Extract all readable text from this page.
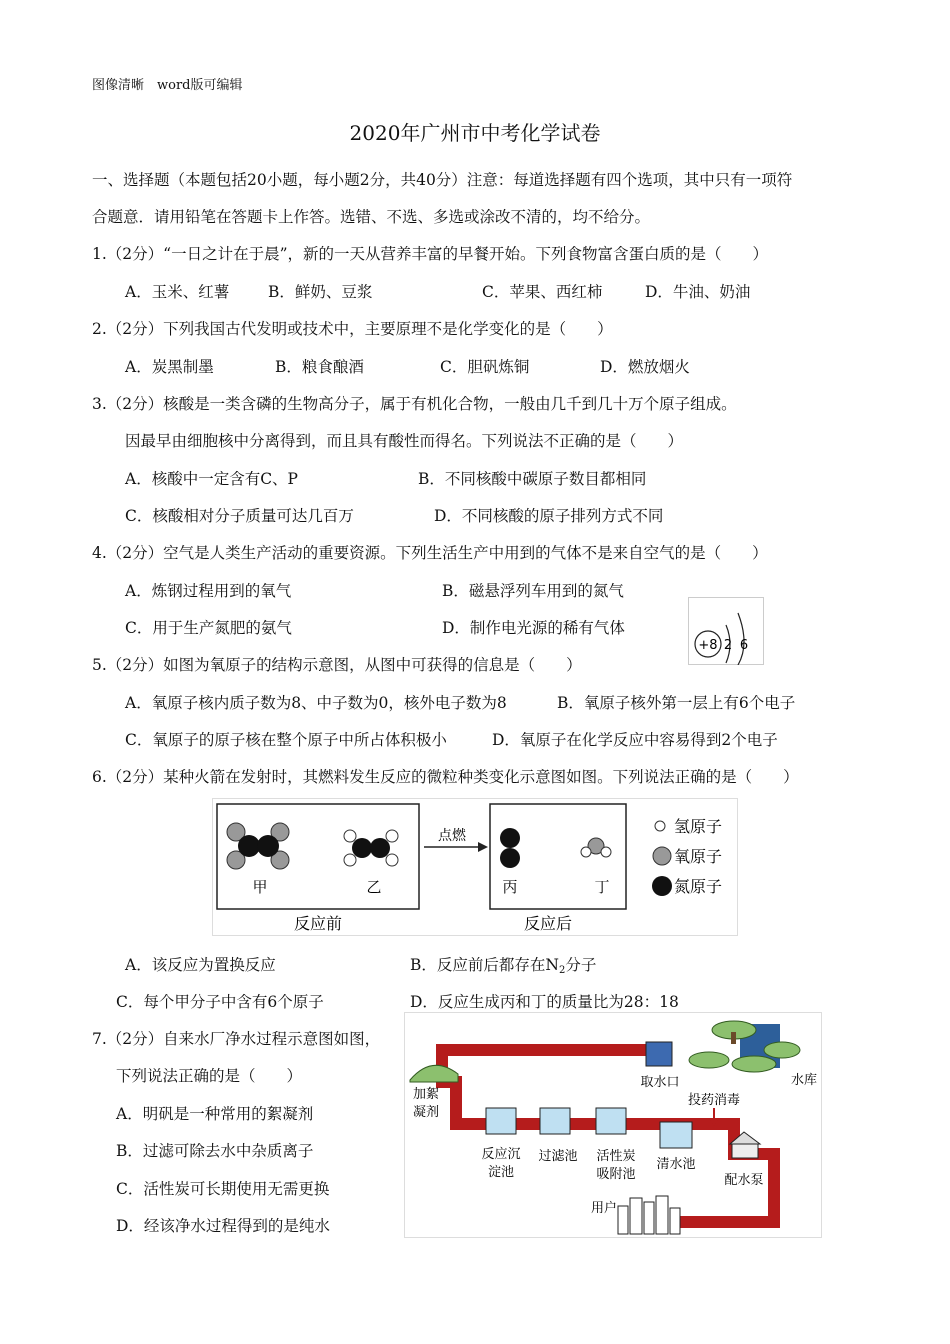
图像清晰　word版可编辑
2020年广州市中考化学试卷
一、选择题（本题包括20小题，每小题2分，共40分）注意：每道选择题有四个选项，其中只有一项符
合题意．请用铅笔在答题卡上作答。选错、不选、多选或涂改不清的，均不给分。
1.（2分）“一日之计在于晨”，新的一天从营养丰富的早餐开始。下列食物富含蛋白质的是（　　）
A．玉米、红薯	B．鲜奶、豆浆	C．苹果、西红柿	D．牛油、奶油
2.（2分）下列我国古代发明或技术中，主要原理不是化学变化的是（　　）
A．炭黑制墨	B．粮食酿酒	C．胆矾炼铜	D．燃放烟火
3.（2分）核酸是一类含磷的生物高分子，属于有机化合物，一般由几千到几十万个原子组成。
因最早由细胞核中分离得到，而且具有酸性而得名。下列说法不正确的是（　　）
A．核酸中一定含有C、P	B．不同核酸中碳原子数目都相同
C．核酸相对分子质量可达几百万	D．不同核酸的原子排列方式不同
4.（2分）空气是人类生产活动的重要资源。下列生活生产中用到的气体不是来自空气的是（　　）
A．炼钢过程用到的氧气	B．磁悬浮列车用到的氮气
C．用于生产氮肥的氨气	D．制作电光源的稀有气体
+8 2 6
5.（2分）如图为氧原子的结构示意图，从图中可获得的信息是（　　）
A．氧原子核内质子数为8、中子数为0，核外电子数为8	B．氧原子核外第一层上有6个电子
C．氧原子的原子核在整个原子中所占体积极小	D．氧原子在化学反应中容易得到2个电子
6.（2分）某种火箭在发射时，其燃料发生反应的微粒种类变化示意图如图。下列说法正确的是（　　）
甲	乙
反应前
点燃
丙	丁
反应后
氢原子
氧原子
氮原子
A．该反应为置换反应	B．反应前后都存在$N_2$分子
C．每个甲分子中含有6个原子	D．反应生成丙和丁的质量比为28：18
7.（2分）自来水厂净水过程示意图如图，
下列说法正确的是（　　）
A．明矾是一种常用的絮凝剂
B．过滤可除去水中杂质离子
C．活性炭可长期使用无需更换
D．经该净水过程得到的是纯水
水库
取水口
加絮
凝剂
反应沉
淀池
过滤池 活性炭
吸附池
清水池
投药消毒
配水泵
用户
